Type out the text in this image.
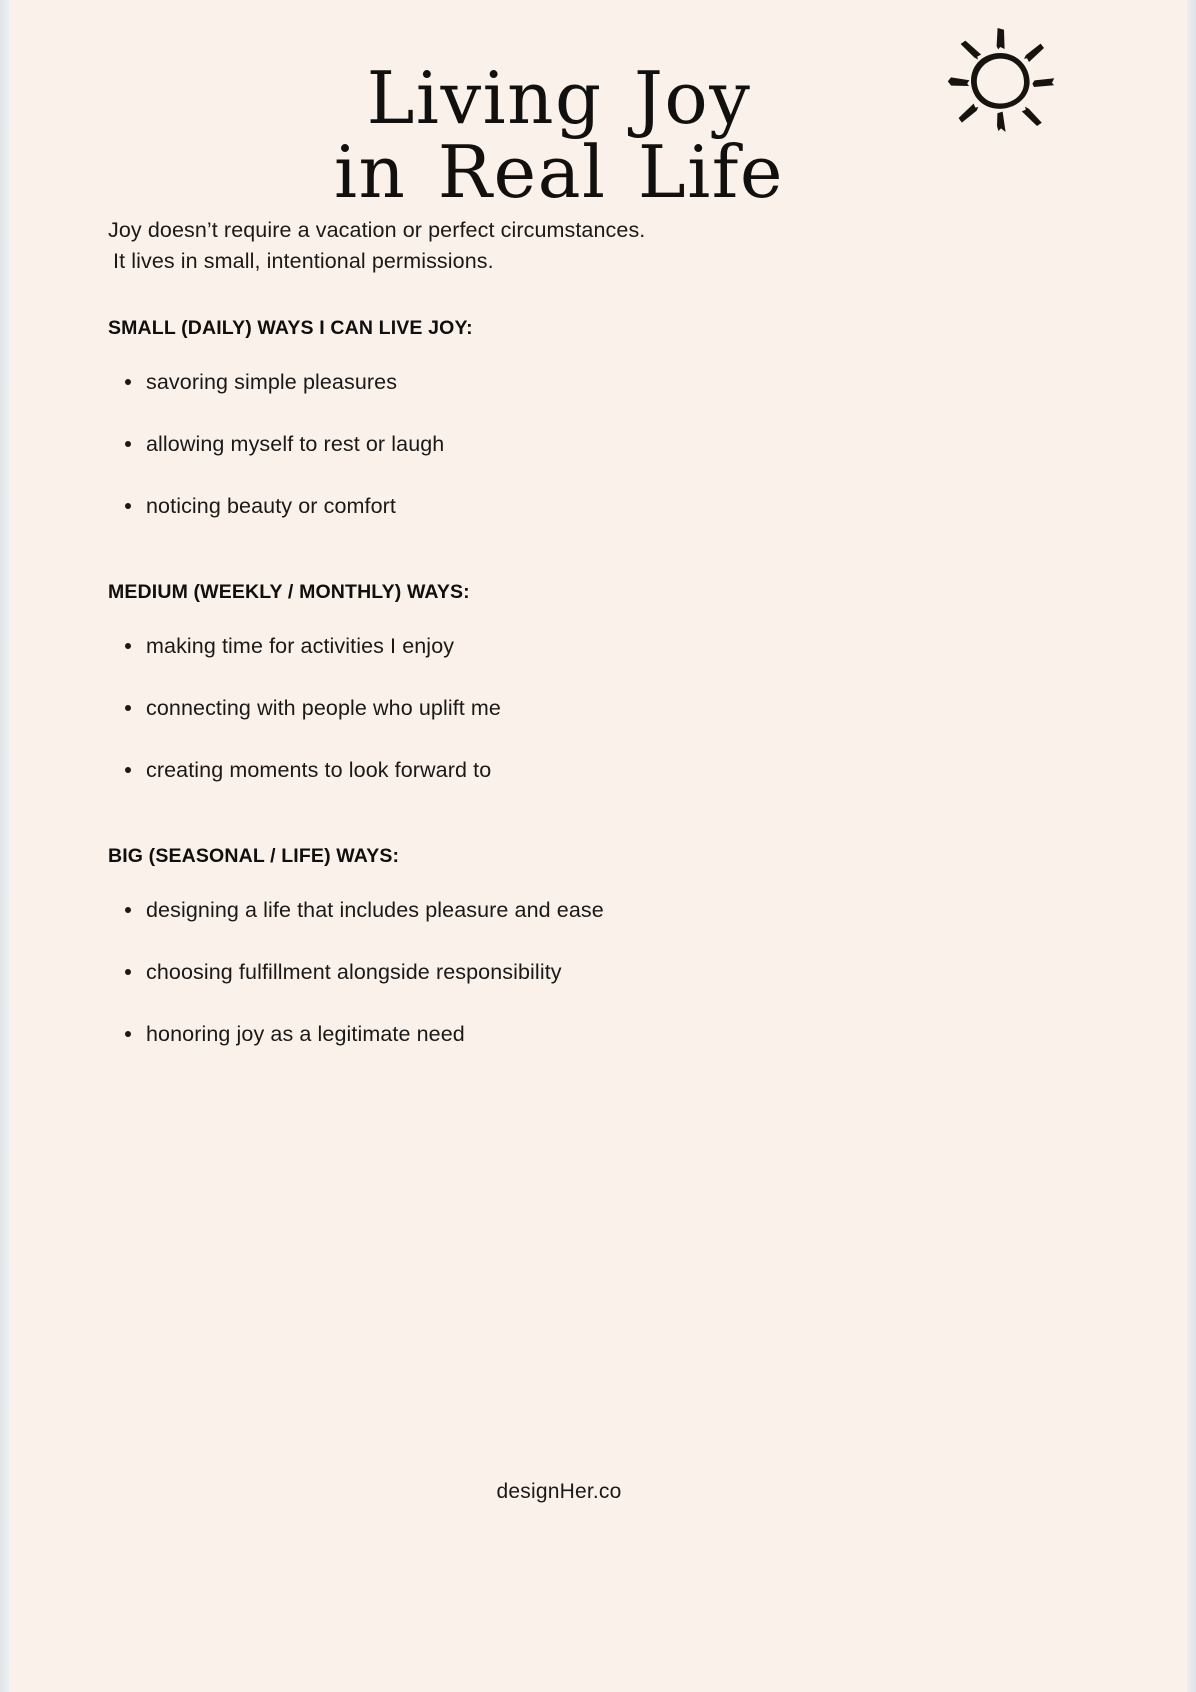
Living Joy
in Real Life

Joy doesn’t require a vacation or perfect circumstances.
It lives in small, intentional permissions.

SMALL (DAILY) WAYS I CAN LIVE JOY:
savoring simple pleasures
allowing myself to rest or laugh
noticing beauty or comfort
MEDIUM (WEEKLY / MONTHLY) WAYS:
making time for activities I enjoy
connecting with people who uplift me
creating moments to look forward to
BIG (SEASONAL / LIFE) WAYS:
designing a life that includes pleasure and ease
choosing fulfillment alongside responsibility
honoring joy as a legitimate need
designHer.co
